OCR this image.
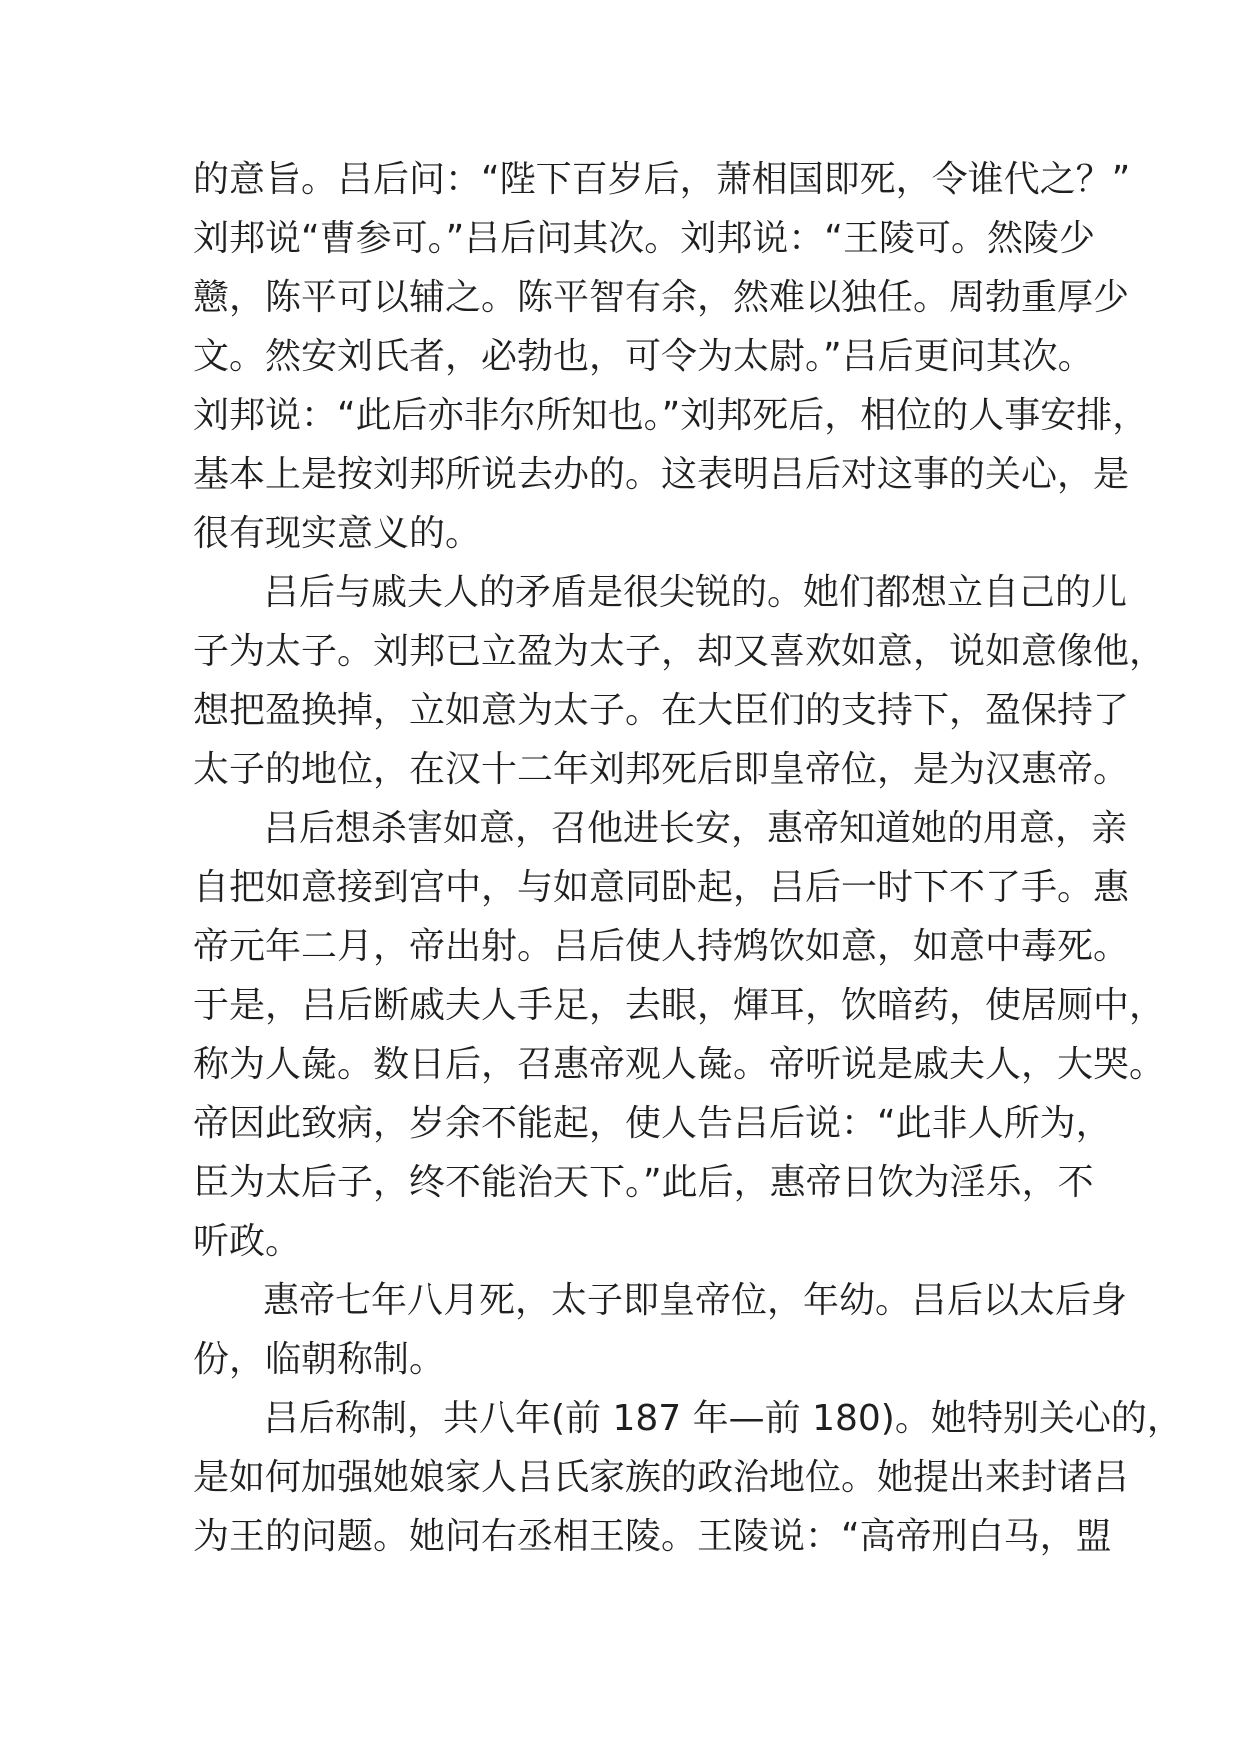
的意旨。吕后问：“陛下百岁后，萧相国即死，令谁代之？”
刘邦说“曹参可。”吕后问其次。刘邦说：“王陵可。然陵少
戆，陈平可以辅之。陈平智有余，然难以独任。周勃重厚少
文。然安刘氏者，必勃也，可令为太尉。”吕后更问其次。
刘邦说：“此后亦非尔所知也。”刘邦死后，相位的人事安排，
基本上是按刘邦所说去办的。这表明吕后对这事的关心，是
很有现实意义的。
吕后与戚夫人的矛盾是很尖锐的。她们都想立自己的儿
子为太子。刘邦已立盈为太子，却又喜欢如意，说如意像他，
想把盈换掉，立如意为太子。在大臣们的支持下，盈保持了
太子的地位，在汉十二年刘邦死后即皇帝位，是为汉惠帝。
吕后想杀害如意，召他进长安，惠帝知道她的用意，亲
自把如意接到宫中，与如意同卧起，吕后一时下不了手。惠
帝元年二月，帝出射。吕后使人持鸩饮如意，如意中毒死。
于是，吕后断戚夫人手足，去眼，煇耳，饮暗药，使居厕中，
称为人彘。数日后，召惠帝观人彘。帝听说是戚夫人，大哭。
帝因此致病，岁余不能起，使人告吕后说：“此非人所为，
臣为太后子，终不能治天下。”此后，惠帝日饮为淫乐，不
听政。
惠帝七年八月死，太子即皇帝位，年幼。吕后以太后身
份，临朝称制。
吕后称制，共八年(前 187 年—前 180)。她特别关心的，
是如何加强她娘家人吕氏家族的政治地位。她提出来封诸吕
为王的问题。她问右丞相王陵。王陵说：“高帝刑白马，盟
